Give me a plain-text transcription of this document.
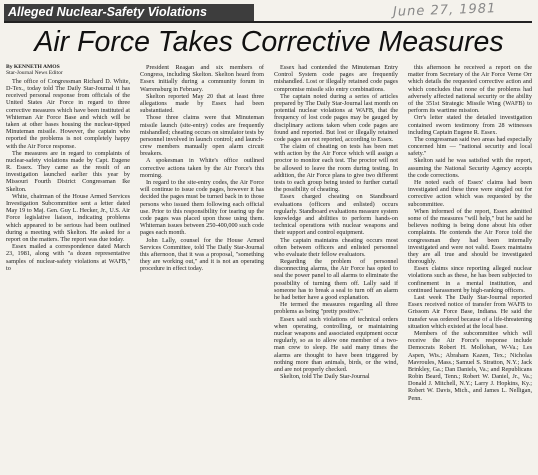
Alleged Nuclear-Safety Violations	June 27, 1981
Air Force Takes Corrective Measures

By KENNETH AMOS

Star-Journal News Editor

The office of Congressman Richard D. White, D-Tex., today told The Daily Star-Journal it has received personal response from officials of the United States Air Force in regard to three corrective measures which have been instituted at Whiteman Air Force Base and which will be taken at other bases housing the nuclear-tipped Minuteman missile. However, the captain who reported the problems is not completely happy with the Air Force response.

The measures are in regard to complaints of nuclear-safety violations made by Capt. Eugene R. Essex. They came as the result of an investigation launched earlier this year by Missouri Fourth District Congressman Ike Skelton.

White, chairman of the House Armed Services Investigation Subcommittee sent a letter dated May 19 to Maj. Gen. Guy L. Hecker, Jr., U.S. Air Force legislative liaison, indicating problems which appeared to be serious had been outlined during a meeting with Skelton. He asked for a report on the matters. The report was due today.

Essex mailed a correspondence dated March 23, 1981, along with "a dozen representative samples of nuclear-safety violations at WAFB," to

President Reagan and six members of Congress, including Skelton. Skelton heard from Essex initially during a community forum in Warrensburg in February.

Skelton reported May 20 that at least three allegations made by Essex had been substantiated.

Those three claims were that Minuteman missile launch (site-entry) codes are frequently mishandled; cheating occurs on simulator tests by personnel involved in launch control; and launch-crew members manually open alarm circuit breakers.

A spokesman in White's office outlined corrective actions taken by the Air Force's this morning.

In regard to the site-entry codes, the Air Force will continue to issue code pages, however it has decided the pages must be turned back in to those persons who issued them following each official use. Prior to this responsibility for tearing up the code pages was placed upon those using them. Whiteman issues between 250-400,000 such code pages each month.

John Lally, counsel for the House Armed Services Committee, told The Daily Star-Journal this afternoon, that it was a proposal, "something they are working out," and it is not an operating procedure in effect today.

Essex had contended the Minuteman Entry Control System code pages are frequently mishandled. Lost or illegally retained code pages compromise missile silo entry combinations.

The captain noted during a series of articles prepared by The Daily Star-Journal last month on potential nuclear violations at WAFB, that the frequency of lost code pages may be gauged by disciplinary actions taken when code pages are found and reported. But lost or illegally retained code pages are not reported, according to Essex.

The claim of cheating on tests has been met with action by the Air Force which will assign a proctor to monitor each test. The proctor will not be allowed to leave the room during testing. In addition, the Air Force plans to give two different tests to each group being tested to further curtail the possibility of cheating.

Essex charged cheating on Standboard evaluations (officers and enlisted) occurs regularly. Standboard evaluations measure system knowledge and abilities to perform hands-on technical operations with nuclear weapons and their support and control equipment.

The captain maintains cheating occurs most often between officers and enlisted personnel who evaluate their fellow evaluators.

Regarding the problem of personnel disconnecting alarms, the Air Force has opted to seal the power panel to all alarms to eliminate the possibility of turning them off. Lally said if someone has to break a seal to turn off an alarm he had better have a good explanation.

He termed the measures regarding all three problems as being "pretty positive."

Essex said such violations of technical orders when operating, controlling, or maintaining nuclear weapons and associated equipment occur regularly, so as to allow one member of a two-man crew to sleep. He said many times the alarms are thought to have been triggered by nothing more than animals, birds, or the wind, and are not properly checked.

Skelton, told The Daily Star-Journal

this afternoon he received a report on the matter from Secretary of the Air Force Verne Orr which details the requested corrective action and which concludes that none of the problems had adversely affected national security or the ability of the 351st Strategic Missile Wing (WAFB) to perform its wartime mission.

Orr's letter stated the detailed investigation contained sworn testimony from 28 witnesses including Captain Eugene R. Essex.

The congressman said two areas had especially concerned him — "national security and local safety."

Skelton said he was satisfied with the report, assuming the National Security Agency accepts the code corrections.

He noted each of Essex' claims had been investigated and these three were singled out for corrective action which was requested by the subcommittee.

When informed of the report, Essex admitted some of the measures "will help," but he said he believes nothing is being done about his other complaints. He contends the Air Force told the congressman they had been internally investigated and were not valid. Essex maintains they are all true and should be investigated thoroughly.

Essex claims since reporting alleged nuclear violations such as these, he has been subjected to confinement in a mental institution, and continued harassment by high-ranking officers.

Last week The Daily Star-Journal reported Essex received notice of transfer from WAFB to Grissom Air Force Base, Indiana. He said the transfer was ordered because of a life-threatening situation which existed at the local base.

Members of the subcommittee which will receive the Air Force's response include Democrats Robert H. Mollohan, W-Va.; Les Aspen, Wis.; Abraham Kazen, Tex.; Nicholas Mavroules, Mass.; Samuel S. Stratton, N.Y.; Jack Brinkley, Ga.; Dan Daniels, Va.; and Republicans Robin Beard, Tenn.; Robert W. Daniel, Jr., Va.; Donald J. Mitchell, N.Y.; Larry J. Hopkins, Ky.; Robert W. Davis, Mich., and James L. Nelligan, Penn.
